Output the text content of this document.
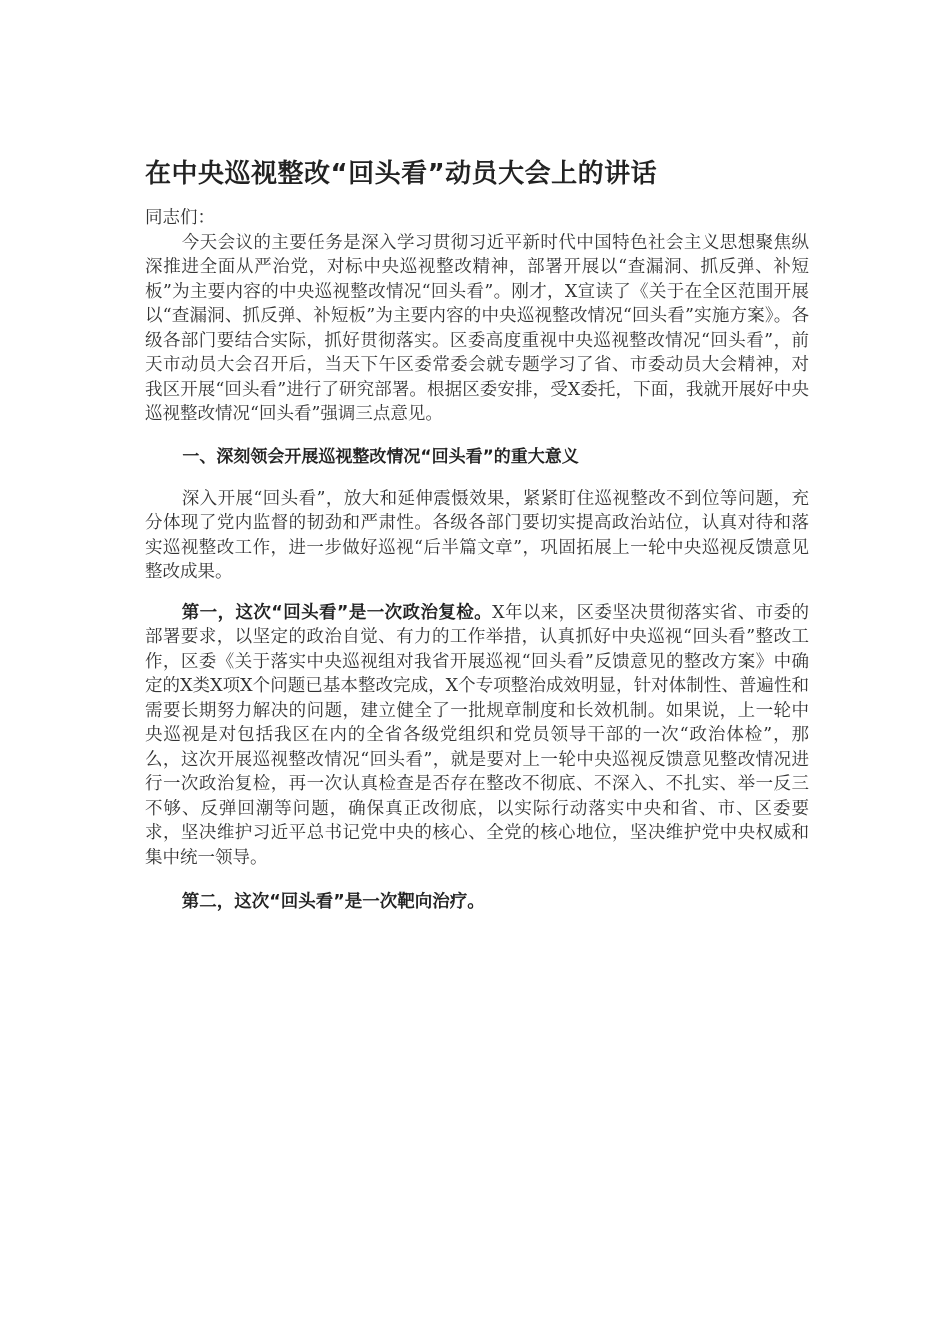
在中央巡视整改“回头看”动员大会上的讲话

同志们：

今天会议的主要任务是深入学习贯彻习近平新时代中国特色社会主义思想聚焦纵深推进全面从严治党，对标中央巡视整改精神，部署开展以“查漏洞、抓反弹、补短板”为主要内容的中央巡视整改情况“回头看”。刚才，X宣读了《关于在全区范围开展以“查漏洞、抓反弹、补短板”为主要内容的中央巡视整改情况“回头看”实施方案》。各级各部门要结合实际，抓好贯彻落实。区委高度重视中央巡视整改情况“回头看”，前天市动员大会召开后，当天下午区委常委会就专题学习了省、市委动员大会精神，对我区开展“回头看”进行了研究部署。根据区委安排，受X委托，下面，我就开展好中央巡视整改情况“回头看”强调三点意见。

一、深刻领会开展巡视整改情况“回头看”的重大意义

深入开展“回头看”，放大和延伸震慑效果，紧紧盯住巡视整改不到位等问题，充分体现了党内监督的韧劲和严肃性。各级各部门要切实提高政治站位，认真对待和落实巡视整改工作，进一步做好巡视“后半篇文章”，巩固拓展上一轮中央巡视反馈意见整改成果。

第一，这次“回头看”是一次政治复检。X年以来，区委坚决贯彻落实省、市委的部署要求，以坚定的政治自觉、有力的工作举措，认真抓好中央巡视“回头看”整改工作，区委《关于落实中央巡视组对我省开展巡视“回头看”反馈意见的整改方案》中确定的X类X项X个问题已基本整改完成，X个专项整治成效明显，针对体制性、普遍性和需要长期努力解决的问题，建立健全了一批规章制度和长效机制。如果说，上一轮中央巡视是对包括我区在内的全省各级党组织和党员领导干部的一次“政治体检”，那么，这次开展巡视整改情况“回头看”，就是要对上一轮中央巡视反馈意见整改情况进行一次政治复检，再一次认真检查是否存在整改不彻底、不深入、不扎实、举一反三不够、反弹回潮等问题，确保真正改彻底，以实际行动落实中央和省、市、区委要求，坚决维护习近平总书记党中央的核心、全党的核心地位，坚决维护党中央权威和集中统一领导。

第二，这次“回头看”是一次靶向治疗。
